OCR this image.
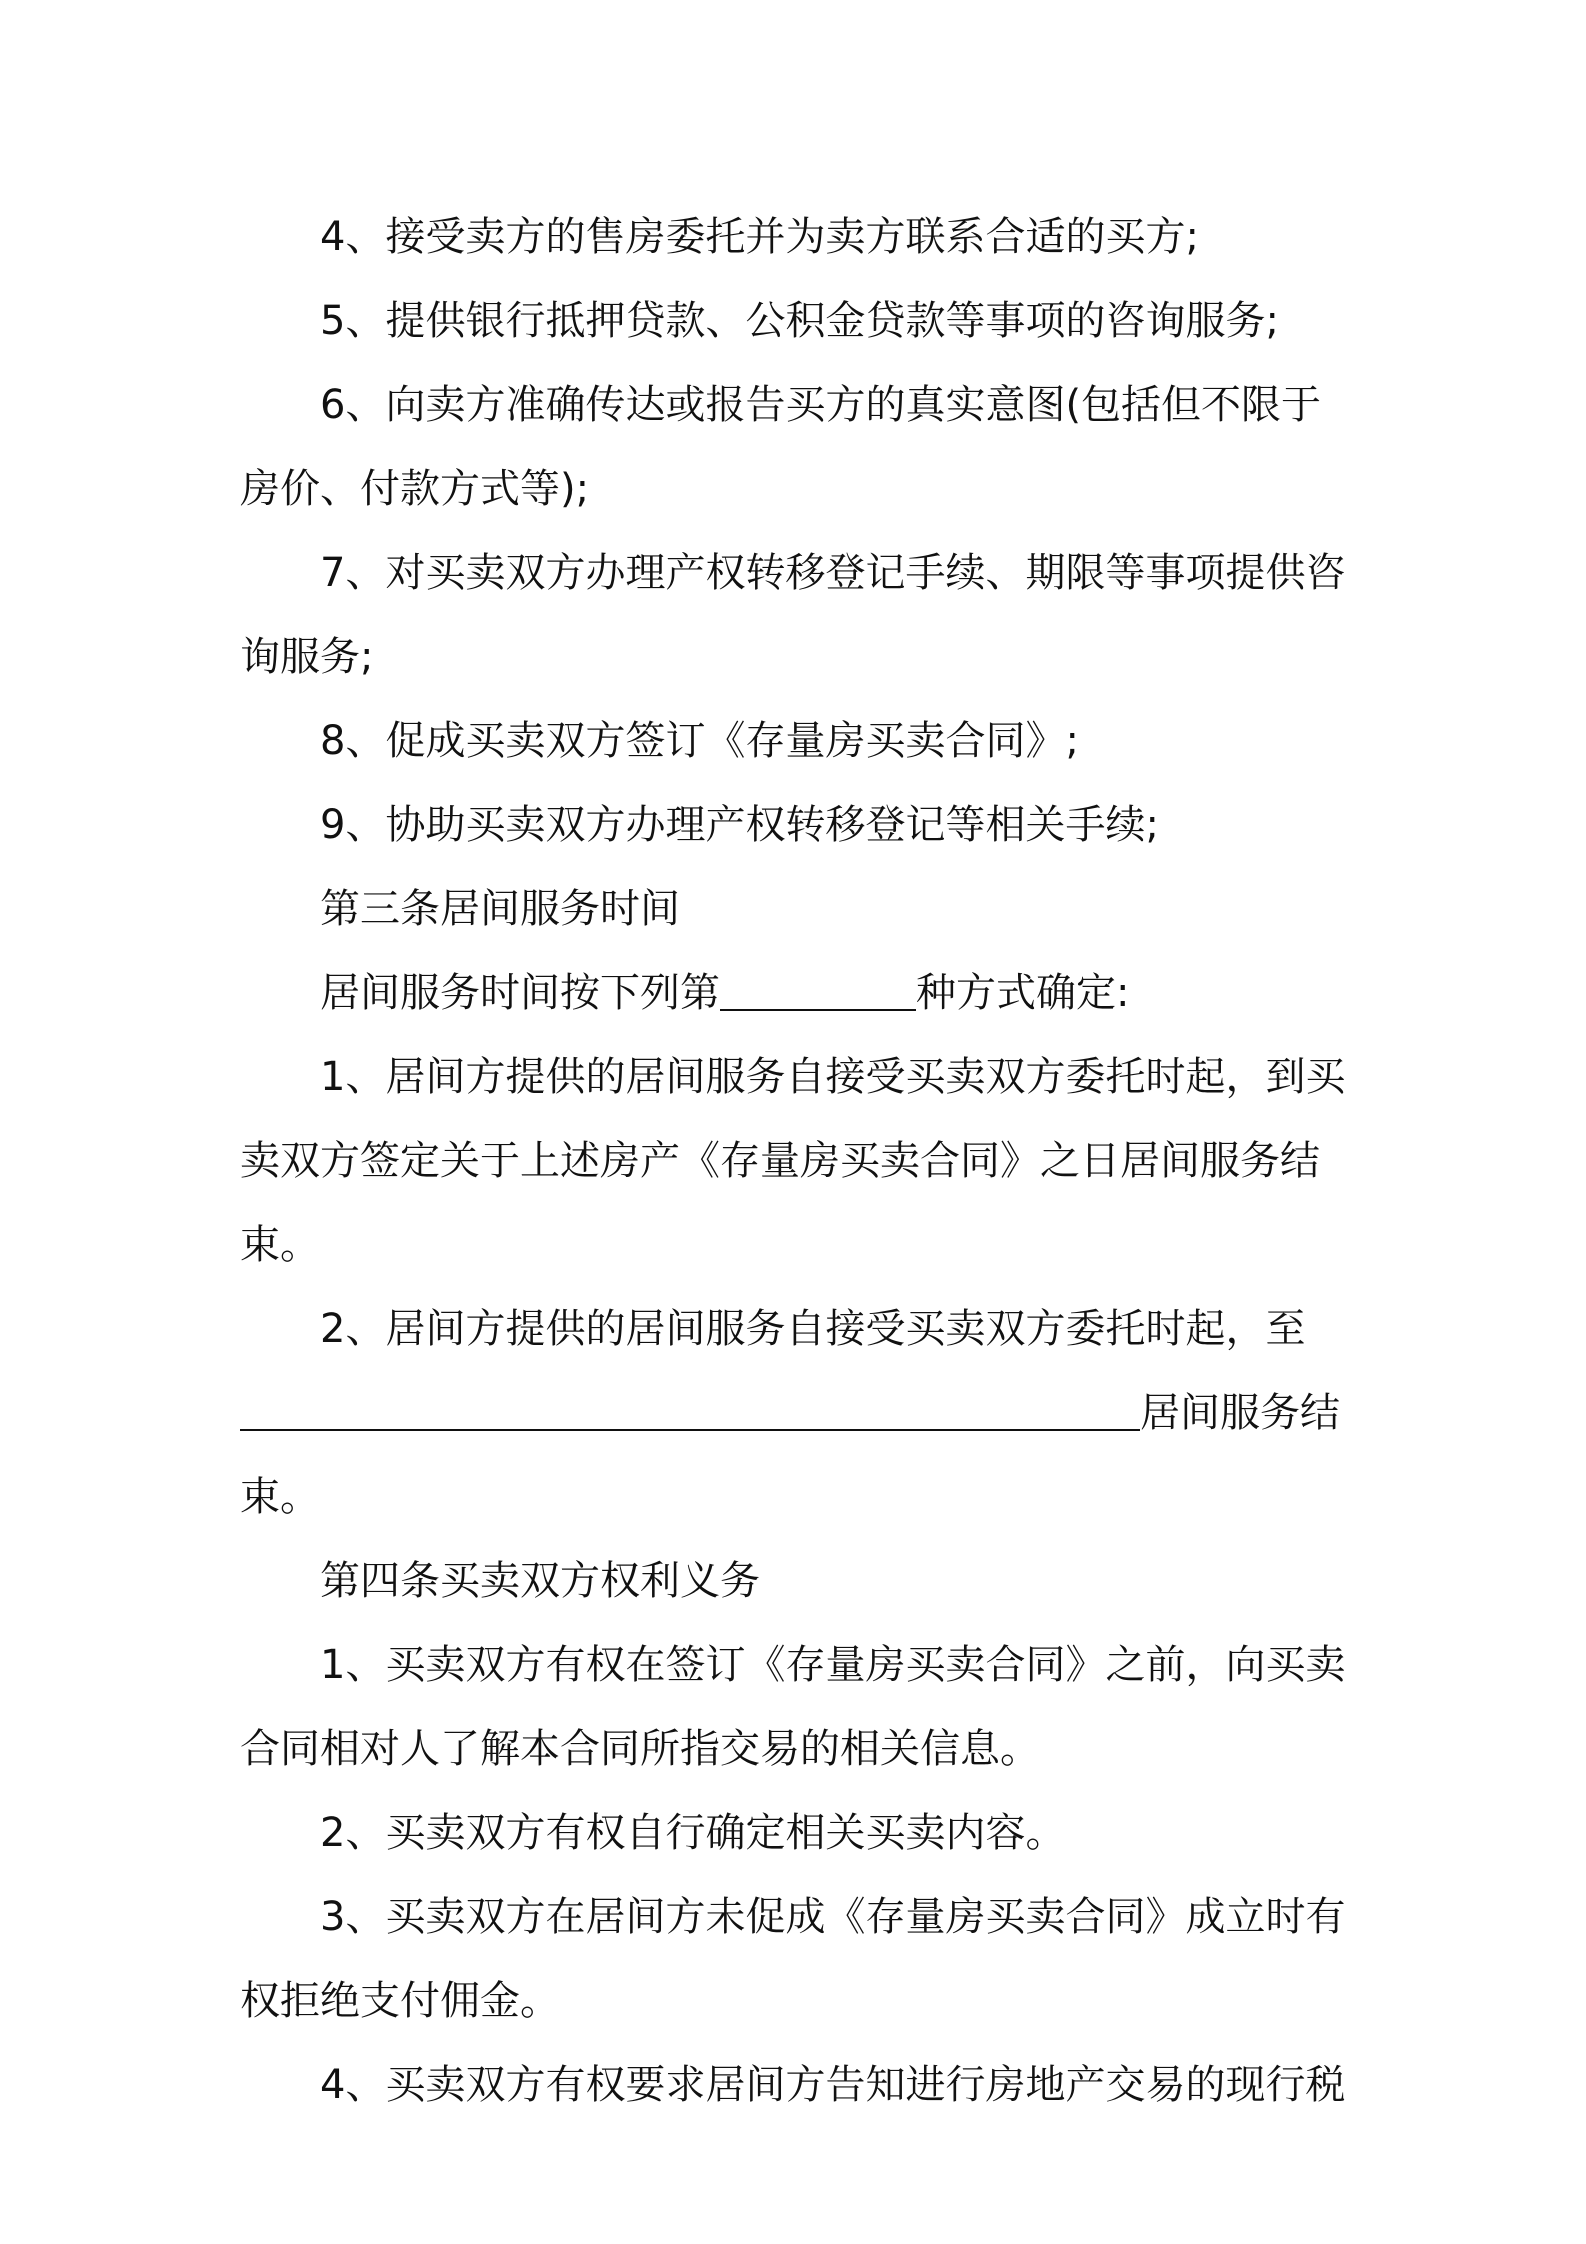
4、接受卖方的售房委托并为卖方联系合适的买方;

5、提供银行抵押贷款、公积金贷款等事项的咨询服务;

6、向卖方准确传达或报告买方的真实意图(包括但不限于房价、付款方式等);

7、对买卖双方办理产权转移登记手续、期限等事项提供咨询服务;

8、促成买卖双方签订《存量房买卖合同》;

9、协助买卖双方办理产权转移登记等相关手续;

第三条居间服务时间

居间服务时间按下列第	种方式确定:

1、居间方提供的居间服务自接受买卖双方委托时起，到买卖双方签定关于上述房产《存量房买卖合同》之日居间服务结束。

2、居间方提供的居间服务自接受买卖双方委托时起，至

居间服务结束。

第四条买卖双方权利义务

1、买卖双方有权在签订《存量房买卖合同》之前，向买卖合同相对人了解本合同所指交易的相关信息。

2、买卖双方有权自行确定相关买卖内容。

3、买卖双方在居间方未促成《存量房买卖合同》成立时有权拒绝支付佣金。

4、买卖双方有权要求居间方告知进行房地产交易的现行税
